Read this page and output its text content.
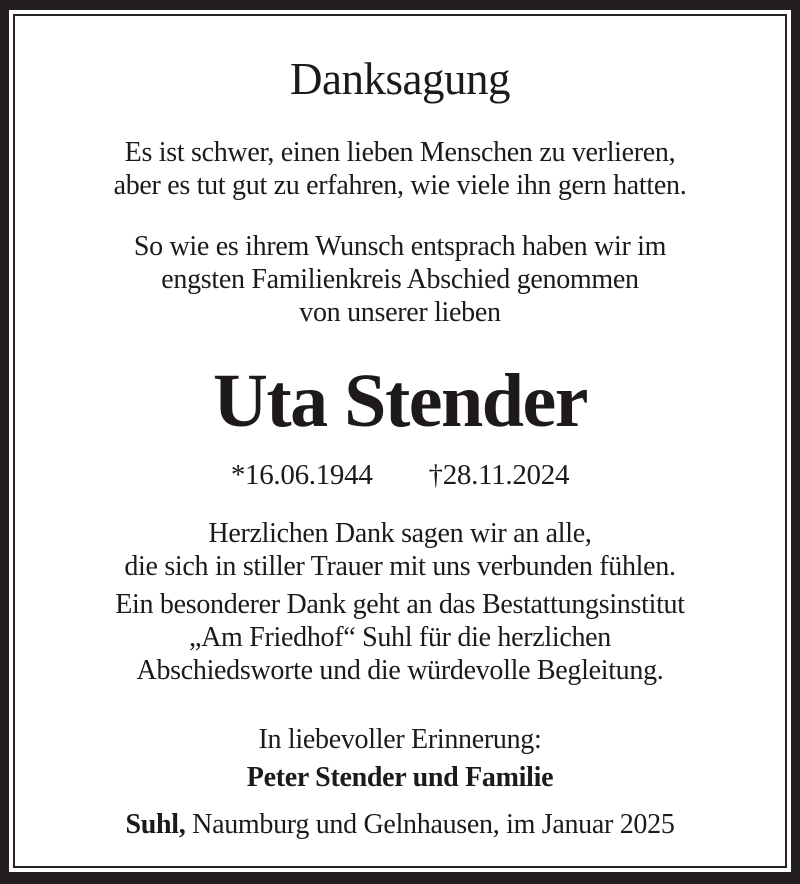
Danksagung

Es ist schwer, einen lieben Menschen zu verlieren,
aber es tut gut zu erfahren, wie viele ihn gern hatten.

So wie es ihrem Wunsch entsprach haben wir im
engsten Familienkreis Abschied genommen
von unserer lieben

Uta Stender
*16.06.1944 †28.11.2024

Herzlichen Dank sagen wir an alle,
die sich in stiller Trauer mit uns verbunden fühlen.

Ein besonderer Dank geht an das Bestattungsinstitut
„Am Friedhof“ Suhl für die herzlichen
Abschiedsworte und die würdevolle Begleitung.

In liebevoller Erinnerung:

Peter Stender und Familie

Suhl, Naumburg und Gelnhausen, im Januar 2025
